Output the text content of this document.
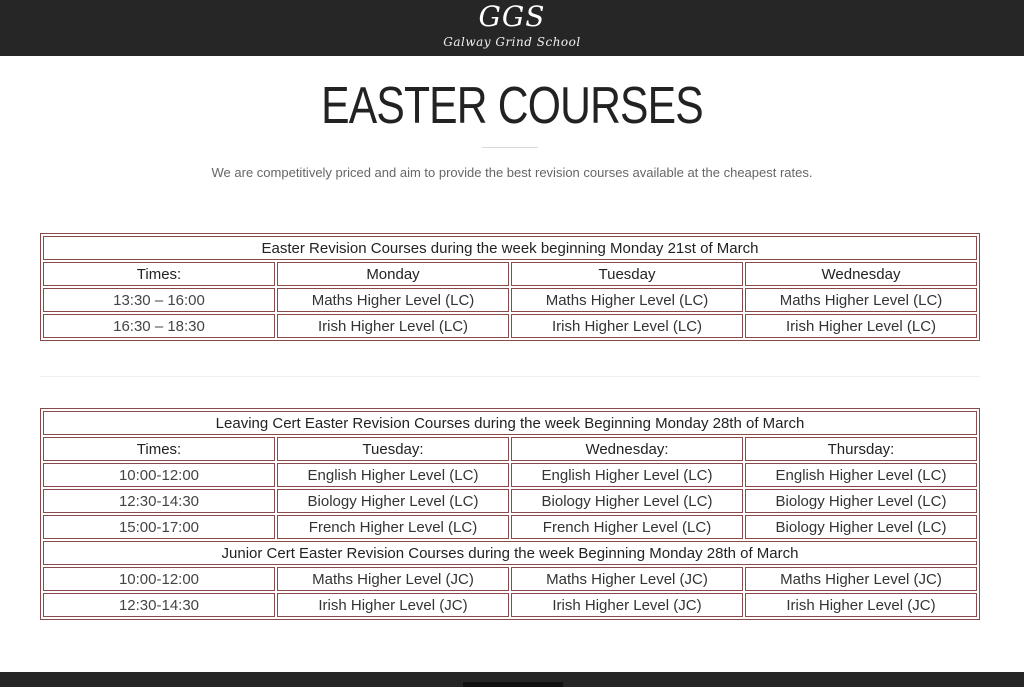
GGS
Galway Grind School
EASTER COURSES
We are competitively priced and aim to provide the best revision courses available at the cheapest rates.
Easter Revision Courses during the week beginning Monday 21st of March			
Times:	Monday	Tuesday	Wednesday
13:30 – 16:00	Maths Higher Level (LC)	Maths Higher Level (LC)	Maths Higher Level (LC)
16:30 – 18:30	Irish Higher Level (LC)	Irish Higher Level (LC)	Irish Higher Level (LC)
Leaving Cert Easter Revision Courses during the week Beginning Monday 28th of March			
Times:	Tuesday:	Wednesday:	Thursday:
10:00-12:00	English Higher Level (LC)	English Higher Level (LC)	English Higher Level (LC)
12:30-14:30	Biology Higher Level (LC)	Biology Higher Level (LC)	Biology Higher Level (LC)
15:00-17:00	French Higher Level (LC)	French Higher Level (LC)	Biology Higher Level (LC)
Junior Cert Easter Revision Courses during the week Beginning Monday 28th of March			
10:00-12:00	Maths Higher Level (JC)	Maths Higher Level (JC)	Maths Higher Level (JC)
12:30-14:30	Irish Higher Level (JC)	Irish Higher Level (JC)	Irish Higher Level (JC)
